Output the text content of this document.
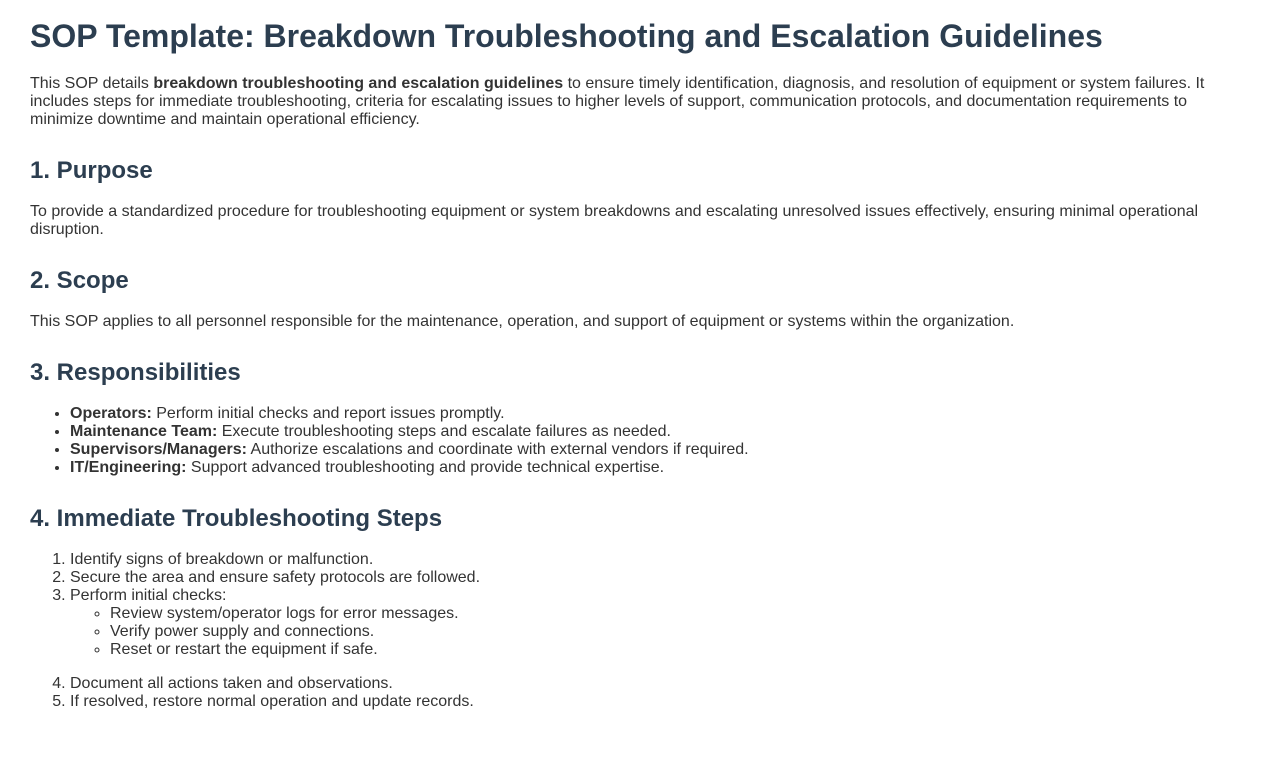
SOP Template: Breakdown Troubleshooting and Escalation Guidelines

This SOP details breakdown troubleshooting and escalation guidelines to ensure timely identification, diagnosis, and resolution of equipment or system failures. It includes steps for immediate troubleshooting, criteria for escalating issues to higher levels of support, communication protocols, and documentation requirements to minimize downtime and maintain operational efficiency.

1. Purpose

To provide a standardized procedure for troubleshooting equipment or system breakdowns and escalating unresolved issues effectively, ensuring minimal operational disruption.

2. Scope

This SOP applies to all personnel responsible for the maintenance, operation, and support of equipment or systems within the organization.

3. Responsibilities
• Operators: Perform initial checks and report issues promptly.
• Maintenance Team: Execute troubleshooting steps and escalate failures as needed.
• Supervisors/Managers: Authorize escalations and coordinate with external vendors if required.
• IT/Engineering: Support advanced troubleshooting and provide technical expertise.
4. Immediate Troubleshooting Steps
1. Identify signs of breakdown or malfunction.
2. Secure the area and ensure safety protocols are followed.
3. Perform initial checks:
◦ Review system/operator logs for error messages.
◦ Verify power supply and connections.
◦ Reset or restart the equipment if safe.
4. Document all actions taken and observations.
5. If resolved, restore normal operation and update records.
